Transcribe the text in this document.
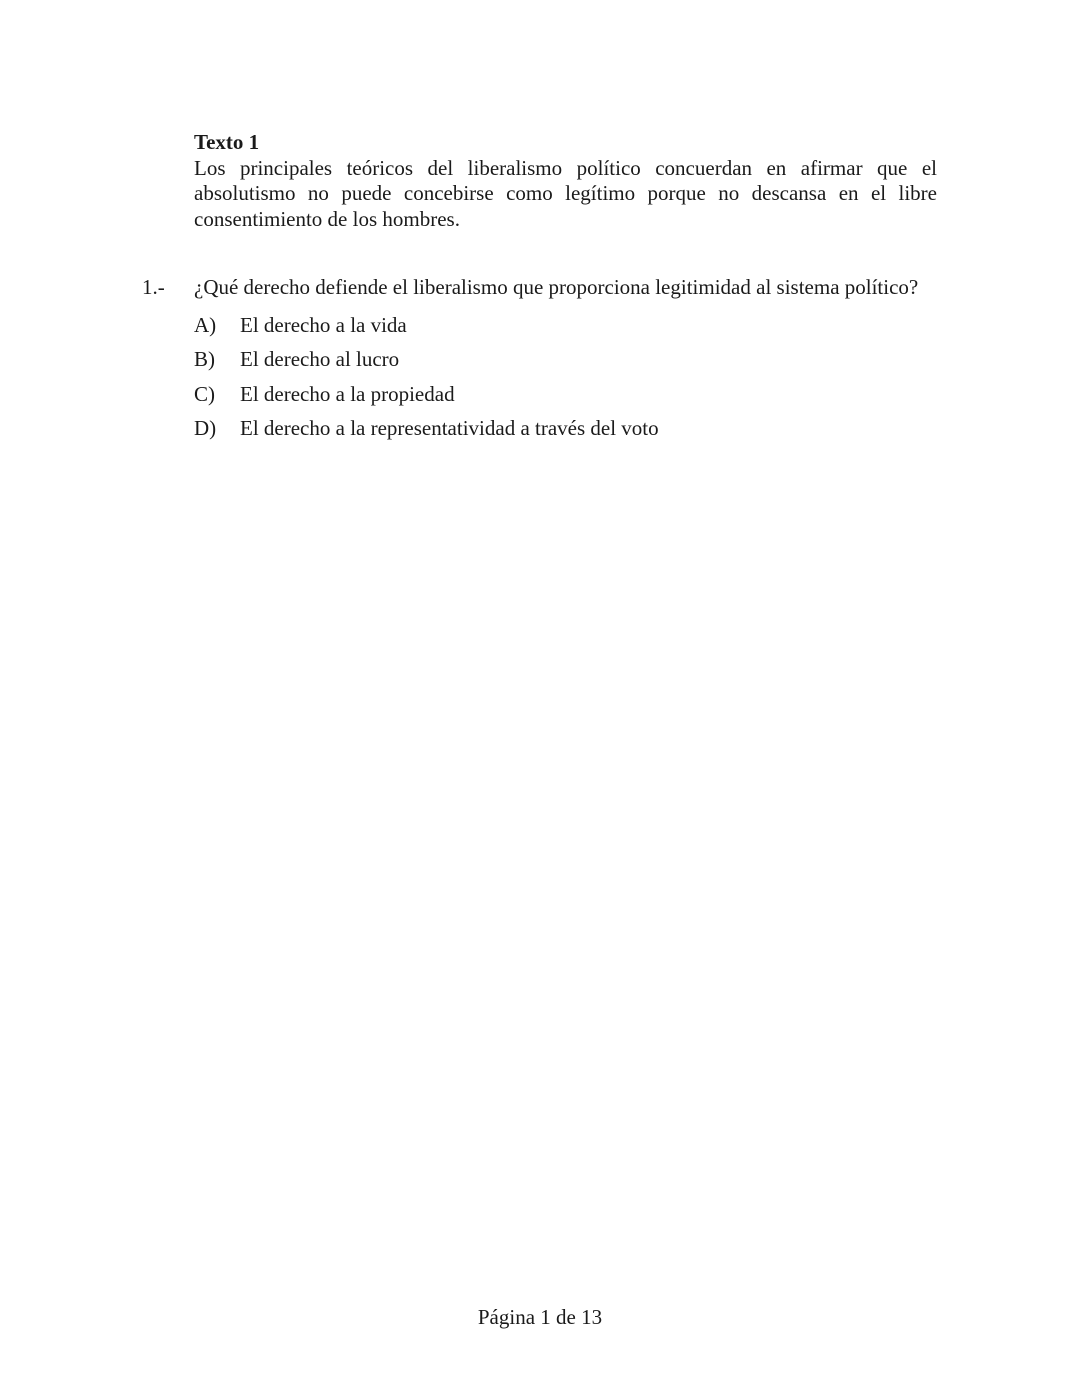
Texto 1
Los principales teóricos del liberalismo político concuerdan en afirmar que el absolutismo no puede concebirse como legítimo porque no descansa en el libre consentimiento de los hombres.
1.-	¿Qué derecho defiende el liberalismo que proporciona legitimidad al sistema político?
A)	El derecho a la vida
B)	El derecho al lucro
C)	El derecho a la propiedad
D)	El derecho a la representatividad a través del voto
Página 1 de 13
